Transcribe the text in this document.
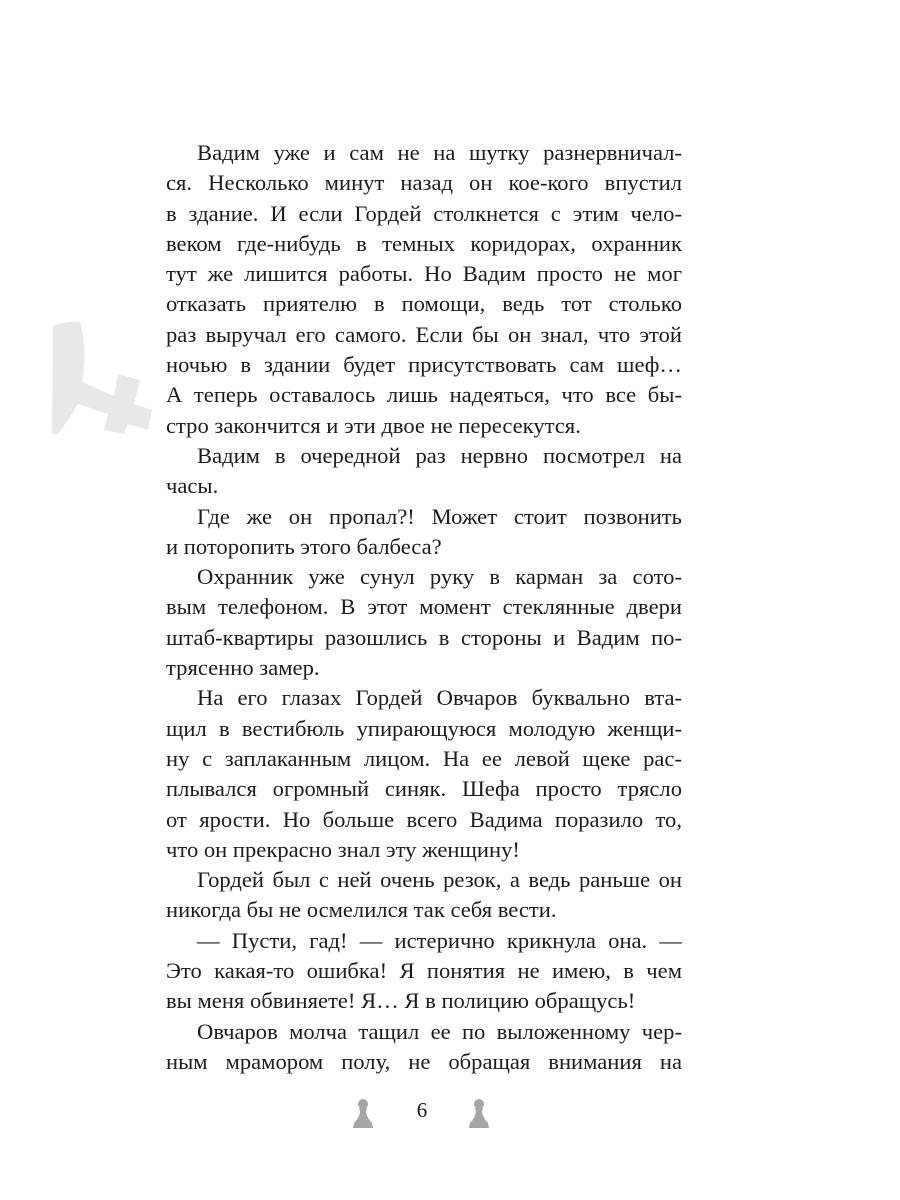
Вадим уже и сам не на шутку разнервничал-
ся. Несколько минут назад он кое-кого впустил
в здание. И если Гордей столкнется с этим чело-
веком где-нибудь в темных коридорах, охранник
тут же лишится работы. Но Вадим просто не мог
отказать приятелю в помощи, ведь тот столько
раз выручал его самого. Если бы он знал, что этой
ночью в здании будет присутствовать сам шеф…
А теперь оставалось лишь надеяться, что все бы-
стро закончится и эти двое не пересекутся.
Вадим в очередной раз нервно посмотрел на
часы.
Где же он пропал?! Может стоит позвонить
и поторопить этого балбеса?
Охранник уже сунул руку в карман за сото-
вым телефоном. В этот момент стеклянные двери
штаб-квартиры разошлись в стороны и Вадим по-
трясенно замер.
На его глазах Гордей Овчаров буквально вта-
щил в вестибюль упирающуюся молодую женщи-
ну с заплаканным лицом. На ее левой щеке рас-
плывался огромный синяк. Шефа просто трясло
от ярости. Но больше всего Вадима поразило то,
что он прекрасно знал эту женщину!
Гордей был с ней очень резок, а ведь раньше он
никогда бы не осмелился так себя вести.
— Пусти, гад! — истерично крикнула она. —
Это какая-то ошибка! Я понятия не имею, в чем
вы меня обвиняете! Я… Я в полицию обращусь!
Овчаров молча тащил ее по выложенному чер-
ным мрамором полу, не обращая внимания на
6
